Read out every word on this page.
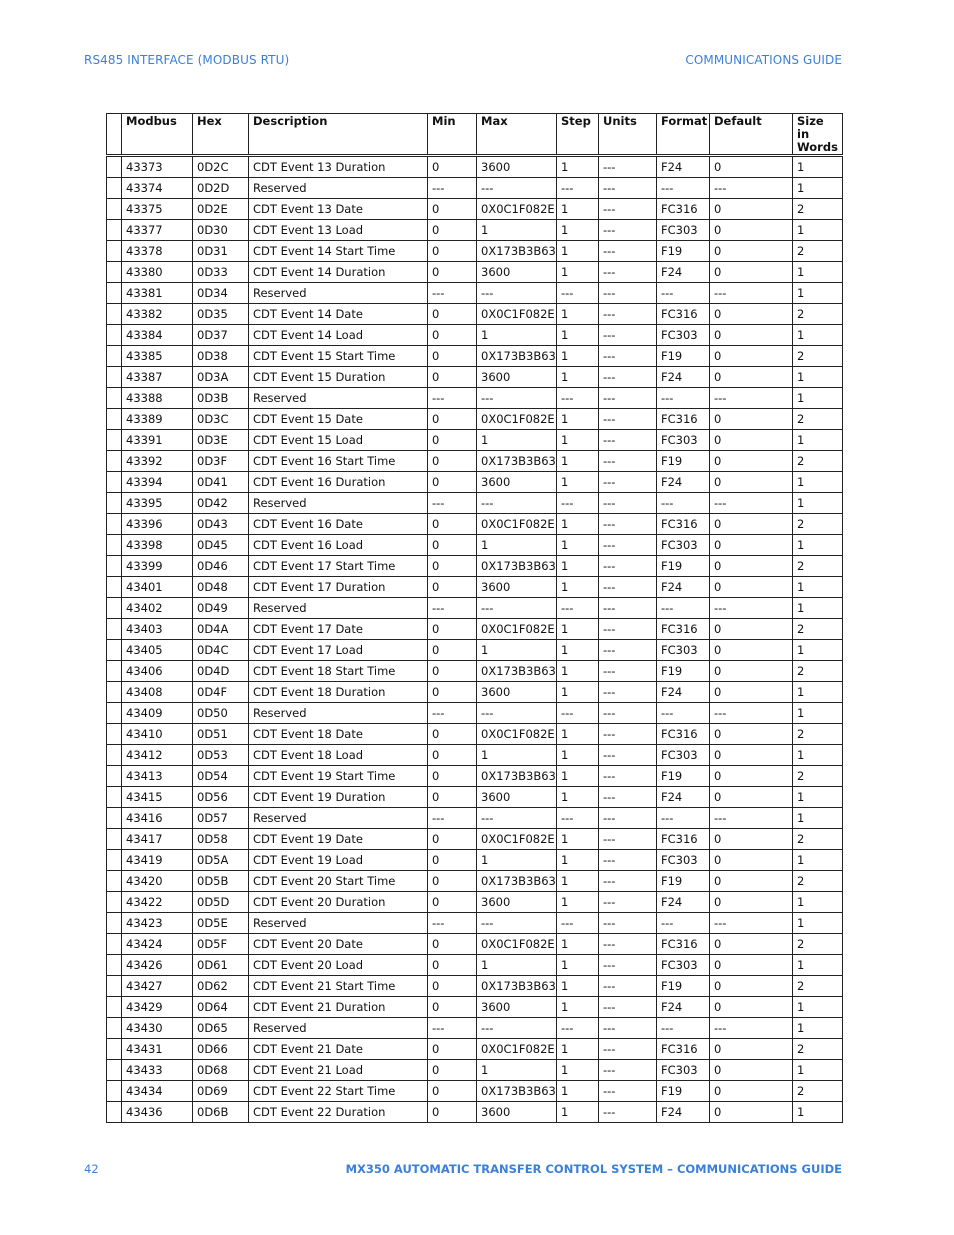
RS485 INTERFACE (MODBUS RTU)	COMMUNICATIONS GUIDE
	Modbus	Hex	Description	Min	Max	Step	Units	Format	Default	Size in Words
	43373	0D2C	CDT Event 13 Duration	0	3600	1	---	F24	0	1
	43374	0D2D	Reserved	---	---	---	---	---	---	1
	43375	0D2E	CDT Event 13 Date	0	0X0C1F082E	1	---	FC316	0	2
	43377	0D30	CDT Event 13 Load	0	1	1	---	FC303	0	1
	43378	0D31	CDT Event 14 Start Time	0	0X173B3B63	1	---	F19	0	2
	43380	0D33	CDT Event 14 Duration	0	3600	1	---	F24	0	1
	43381	0D34	Reserved	---	---	---	---	---	---	1
	43382	0D35	CDT Event 14 Date	0	0X0C1F082E	1	---	FC316	0	2
	43384	0D37	CDT Event 14 Load	0	1	1	---	FC303	0	1
	43385	0D38	CDT Event 15 Start Time	0	0X173B3B63	1	---	F19	0	2
	43387	0D3A	CDT Event 15 Duration	0	3600	1	---	F24	0	1
	43388	0D3B	Reserved	---	---	---	---	---	---	1
	43389	0D3C	CDT Event 15 Date	0	0X0C1F082E	1	---	FC316	0	2
	43391	0D3E	CDT Event 15 Load	0	1	1	---	FC303	0	1
	43392	0D3F	CDT Event 16 Start Time	0	0X173B3B63	1	---	F19	0	2
	43394	0D41	CDT Event 16 Duration	0	3600	1	---	F24	0	1
	43395	0D42	Reserved	---	---	---	---	---	---	1
	43396	0D43	CDT Event 16 Date	0	0X0C1F082E	1	---	FC316	0	2
	43398	0D45	CDT Event 16 Load	0	1	1	---	FC303	0	1
	43399	0D46	CDT Event 17 Start Time	0	0X173B3B63	1	---	F19	0	2
	43401	0D48	CDT Event 17 Duration	0	3600	1	---	F24	0	1
	43402	0D49	Reserved	---	---	---	---	---	---	1
	43403	0D4A	CDT Event 17 Date	0	0X0C1F082E	1	---	FC316	0	2
	43405	0D4C	CDT Event 17 Load	0	1	1	---	FC303	0	1
	43406	0D4D	CDT Event 18 Start Time	0	0X173B3B63	1	---	F19	0	2
	43408	0D4F	CDT Event 18 Duration	0	3600	1	---	F24	0	1
	43409	0D50	Reserved	---	---	---	---	---	---	1
	43410	0D51	CDT Event 18 Date	0	0X0C1F082E	1	---	FC316	0	2
	43412	0D53	CDT Event 18 Load	0	1	1	---	FC303	0	1
	43413	0D54	CDT Event 19 Start Time	0	0X173B3B63	1	---	F19	0	2
	43415	0D56	CDT Event 19 Duration	0	3600	1	---	F24	0	1
	43416	0D57	Reserved	---	---	---	---	---	---	1
	43417	0D58	CDT Event 19 Date	0	0X0C1F082E	1	---	FC316	0	2
	43419	0D5A	CDT Event 19 Load	0	1	1	---	FC303	0	1
	43420	0D5B	CDT Event 20 Start Time	0	0X173B3B63	1	---	F19	0	2
	43422	0D5D	CDT Event 20 Duration	0	3600	1	---	F24	0	1
	43423	0D5E	Reserved	---	---	---	---	---	---	1
	43424	0D5F	CDT Event 20 Date	0	0X0C1F082E	1	---	FC316	0	2
	43426	0D61	CDT Event 20 Load	0	1	1	---	FC303	0	1
	43427	0D62	CDT Event 21 Start Time	0	0X173B3B63	1	---	F19	0	2
	43429	0D64	CDT Event 21 Duration	0	3600	1	---	F24	0	1
	43430	0D65	Reserved	---	---	---	---	---	---	1
	43431	0D66	CDT Event 21 Date	0	0X0C1F082E	1	---	FC316	0	2
	43433	0D68	CDT Event 21 Load	0	1	1	---	FC303	0	1
	43434	0D69	CDT Event 22 Start Time	0	0X173B3B63	1	---	F19	0	2
	43436	0D6B	CDT Event 22 Duration	0	3600	1	---	F24	0	1
42	MX350 AUTOMATIC TRANSFER CONTROL SYSTEM – COMMUNICATIONS GUIDE
